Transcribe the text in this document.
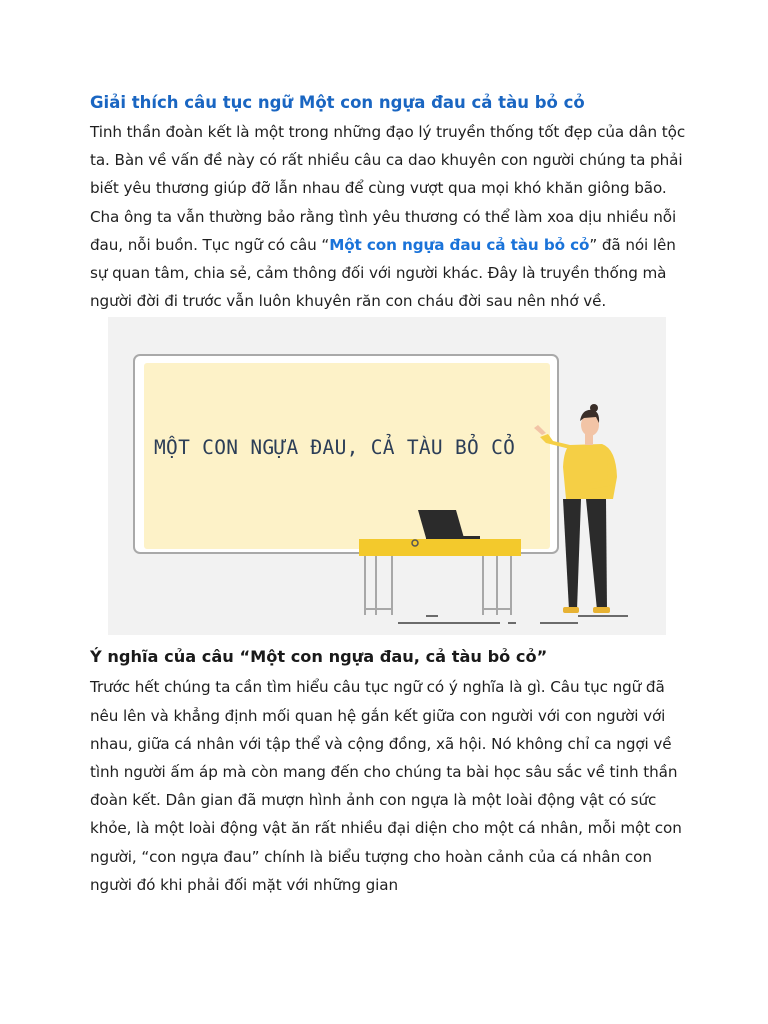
Giải thích câu tục ngữ Một con ngựa đau cả tàu bỏ cỏ

Tinh thần đoàn kết là một trong những đạo lý truyền thống tốt đẹp của dân tộc ta. Bàn về vấn đề này có rất nhiều câu ca dao khuyên con người chúng ta phải biết yêu thương giúp đỡ lẫn nhau để cùng vượt qua mọi khó khăn giông bão. Cha ông ta vẫn thường bảo rằng tình yêu thương có thể làm xoa dịu nhiều nỗi đau, nỗi buồn. Tục ngữ có câu “Một con ngựa đau cả tàu bỏ cỏ” đã nói lên sự quan tâm, chia sẻ, cảm thông đối với người khác. Đây là truyền thống mà người đời đi trước vẫn luôn khuyên răn con cháu đời sau nên nhớ về.

MỘT CON NGỰA ĐAU, CẢ TÀU BỎ CỎ
Ý nghĩa của câu “Một con ngựa đau, cả tàu bỏ cỏ”

Trước hết chúng ta cần tìm hiểu câu tục ngữ có ý nghĩa là gì. Câu tục ngữ đã nêu lên và khẳng định mối quan hệ gắn kết giữa con người với con người với nhau, giữa cá nhân với tập thể và cộng đồng, xã hội. Nó không chỉ ca ngợi về tình người ấm áp mà còn mang đến cho chúng ta bài học sâu sắc về tinh thần đoàn kết. Dân gian đã mượn hình ảnh con ngựa là một loài động vật có sức khỏe, là một loài động vật ăn rất nhiều đại diện cho một cá nhân, mỗi một con người, “con ngựa đau” chính là biểu tượng cho hoàn cảnh của cá nhân con người đó khi phải đối mặt với những gian
